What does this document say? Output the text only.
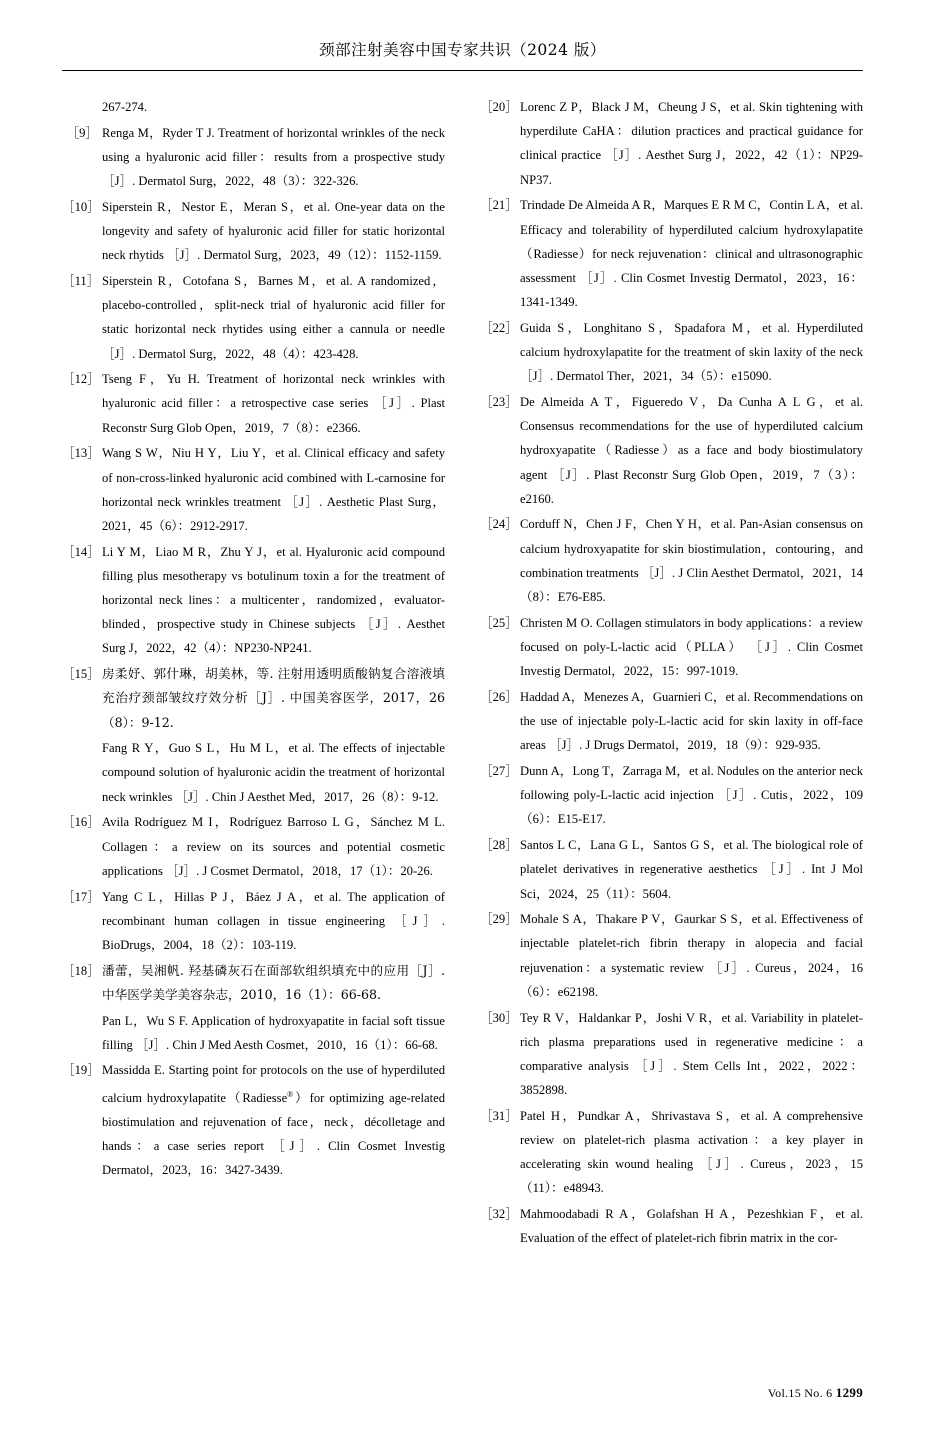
颈部注射美容中国专家共识（2024 版）
267-274.
［9］ Renga M，Ryder T J. Treatment of horizontal wrinkles of the neck using a hyaluronic acid filler：results from a prospective study ［J］. Dermatol Surg，2022，48（3）：322-326.
［10］ Siperstein R，Nestor E，Meran S，et al. One-year data on the longevity and safety of hyaluronic acid filler for static horizontal neck rhytids ［J］. Dermatol Surg，2023，49（12）：1152-1159.
［11］ Siperstein R，Cotofana S，Barnes M，et al. A randomized，placebo-controlled，split-neck trial of hyaluronic acid filler for static horizontal neck rhytides using either a cannula or needle ［J］. Dermatol Surg，2022，48（4）：423-428.
［12］ Tseng F，Yu H. Treatment of horizontal neck wrinkles with hyaluronic acid filler：a retrospective case series ［J］. Plast Reconstr Surg Glob Open，2019，7（8）：e2366.
［13］ Wang S W，Niu H Y，Liu Y，et al. Clinical efficacy and safety of non-cross-linked hyaluronic acid combined with L-carnosine for horizontal neck wrinkles treatment ［J］. Aesthetic Plast Surg，2021，45（6）：2912-2917.
［14］ Li Y M，Liao M R，Zhu Y J，et al. Hyaluronic acid compound filling plus mesotherapy vs botulinum toxin a for the treatment of horizontal neck lines：a multicenter，randomized，evaluator-blinded，prospective study in Chinese subjects ［J］. Aesthet Surg J，2022，42（4）：NP230-NP241.
［15］ 房柔妤、郭什琳，胡美林，等. 注射用透明质酸钠复合溶液填充治疗颈部皱纹疗效分析［J］. 中国美容医学，2017，26（8）：9-12.
Fang R Y，Guo S L，Hu M L，et al. The effects of injectable compound solution of hyaluronic acidin the treatment of horizontal neck wrinkles ［J］. Chin J Aesthet Med，2017，26（8）：9-12.
［16］ Avila Rodríguez M I，Rodríguez Barroso L G，Sánchez M L. Collagen：a review on its sources and potential cosmetic applications ［J］. J Cosmet Dermatol，2018，17（1）：20-26.
［17］ Yang C L，Hillas P J，Báez J A，et al. The application of recombinant human collagen in tissue engineering ［J］. BioDrugs，2004，18（2）：103-119.
［18］ 潘蕾，吴湘帆. 羟基磷灰石在面部软组织填充中的应用［J］. 中华医学美学美容杂志，2010，16（1）：66-68.
Pan L，Wu S F. Application of hydroxyapatite in facial soft tissue filling ［J］. Chin J Med Aesth Cosmet，2010，16（1）：66-68.
［19］ Massidda E. Starting point for protocols on the use of hyperdiluted calcium hydroxylapatite（Radiesse®）for optimizing age-related biostimulation and rejuvenation of face，neck，décolletage and hands：a case series report ［J］. Clin Cosmet Investig Dermatol，2023，16：3427-3439.
［20］ Lorenc Z P，Black J M，Cheung J S，et al. Skin tightening with hyperdilute CaHA：dilution practices and practical guidance for clinical practice ［J］. Aesthet Surg J，2022，42（1）：NP29-NP37.
［21］ Trindade De Almeida A R，Marques E R M C，Contin L A，et al. Efficacy and tolerability of hyperdiluted calcium hydroxylapatite（Radiesse）for neck rejuvenation：clinical and ultrasonographic assessment ［J］. Clin Cosmet Investig Dermatol，2023，16：1341-1349.
［22］ Guida S，Longhitano S，Spadafora M，et al. Hyperdiluted calcium hydroxylapatite for the treatment of skin laxity of the neck ［J］. Dermatol Ther，2021，34（5）：e15090.
［23］ De Almeida A T，Figueredo V，Da Cunha A L G，et al. Consensus recommendations for the use of hyperdiluted calcium hydroxyapatite（Radiesse）as a face and body biostimulatory agent ［J］. Plast Reconstr Surg Glob Open，2019，7（3）：e2160.
［24］ Corduff N，Chen J F，Chen Y H，et al. Pan-Asian consensus on calcium hydroxyapatite for skin biostimulation，contouring，and combination treatments ［J］. J Clin Aesthet Dermatol，2021，14（8）：E76-E85.
［25］ Christen M O. Collagen stimulators in body applications：a review focused on poly-L-lactic acid（PLLA） ［J］. Clin Cosmet Investig Dermatol，2022，15：997-1019.
［26］ Haddad A，Menezes A，Guarnieri C，et al. Recommendations on the use of injectable poly-L-lactic acid for skin laxity in off-face areas ［J］. J Drugs Dermatol，2019，18（9）：929-935.
［27］ Dunn A，Long T，Zarraga M，et al. Nodules on the anterior neck following poly-L-lactic acid injection ［J］. Cutis，2022，109（6）：E15-E17.
［28］ Santos L C，Lana G L，Santos G S，et al. The biological role of platelet derivatives in regenerative aesthetics ［J］. Int J Mol Sci，2024，25（11）：5604.
［29］ Mohale S A，Thakare P V，Gaurkar S S，et al. Effectiveness of injectable platelet-rich fibrin therapy in alopecia and facial rejuvenation：a systematic review ［J］. Cureus，2024，16（6）：e62198.
［30］ Tey R V，Haldankar P，Joshi V R，et al. Variability in platelet-rich plasma preparations used in regenerative medicine：a comparative analysis ［J］. Stem Cells Int，2022，2022：3852898.
［31］ Patel H，Pundkar A，Shrivastava S，et al. A comprehensive review on platelet-rich plasma activation：a key player in accelerating skin wound healing ［J］. Cureus，2023，15（11）：e48943.
［32］ Mahmoodabadi R A，Golafshan H A，Pezeshkian F，et al. Evaluation of the effect of platelet-rich fibrin matrix in the cor-
Vol.15 No. 6 1299
